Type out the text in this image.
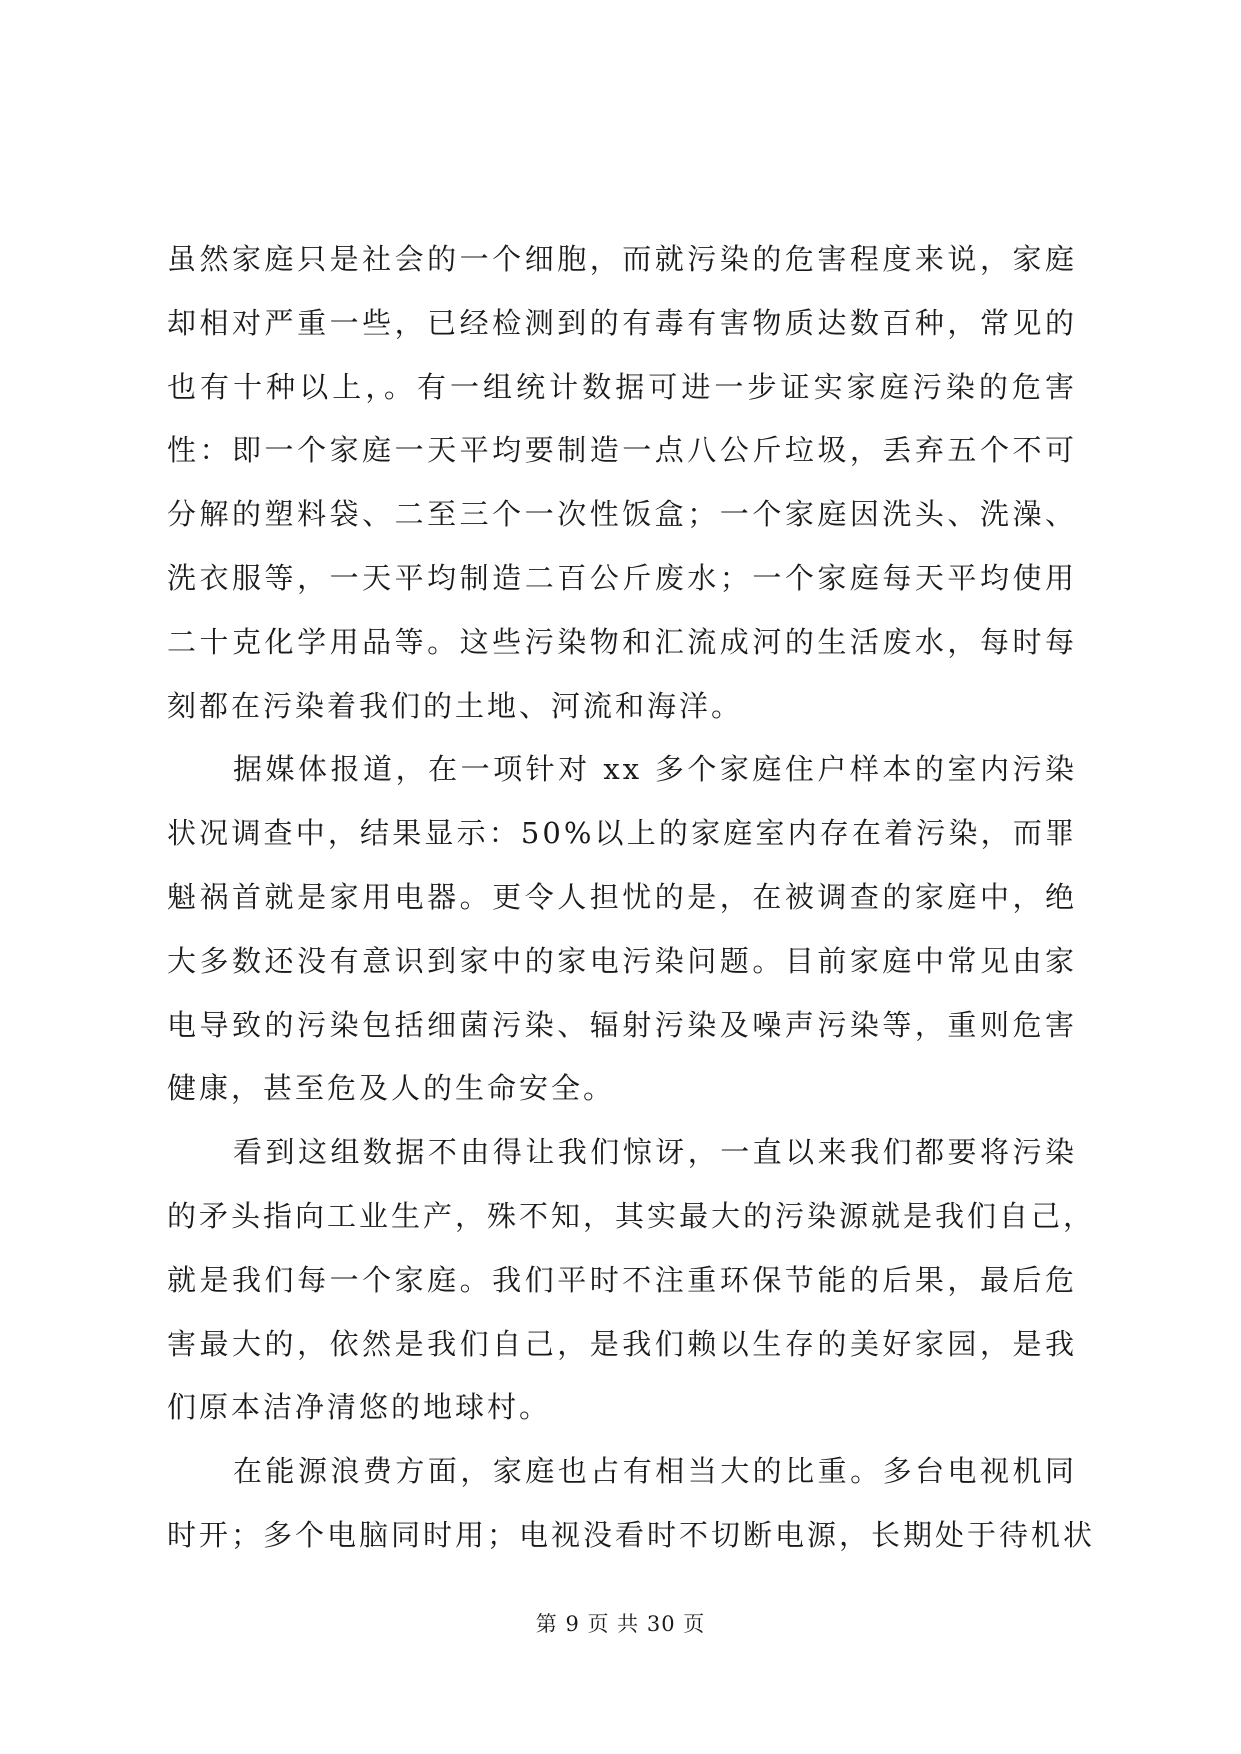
虽然家庭只是社会的一个细胞，而就污染的危害程度来说，家庭
却相对严重一些，已经检测到的有毒有害物质达数百种，常见的
也有十种以上，。有一组统计数据可进一步证实家庭污染的危害
性：即一个家庭一天平均要制造一点八公斤垃圾，丢弃五个不可
分解的塑料袋、二至三个一次性饭盒；一个家庭因洗头、洗澡、
洗衣服等，一天平均制造二百公斤废水；一个家庭每天平均使用
二十克化学用品等。这些污染物和汇流成河的生活废水，每时每
刻都在污染着我们的土地、河流和海洋。
据媒体报道，在一项针对 xx 多个家庭住户样本的室内污染
状况调查中，结果显示：50%以上的家庭室内存在着污染，而罪
魁祸首就是家用电器。更令人担忧的是，在被调查的家庭中，绝
大多数还没有意识到家中的家电污染问题。目前家庭中常见由家
电导致的污染包括细菌污染、辐射污染及噪声污染等，重则危害
健康，甚至危及人的生命安全。
看到这组数据不由得让我们惊讶，一直以来我们都要将污染
的矛头指向工业生产，殊不知，其实最大的污染源就是我们自己，
就是我们每一个家庭。我们平时不注重环保节能的后果，最后危
害最大的，依然是我们自己，是我们赖以生存的美好家园，是我
们原本洁净清悠的地球村。
在能源浪费方面，家庭也占有相当大的比重。多台电视机同
时开；多个电脑同时用；电视没看时不切断电源，长期处于待机状
第 9 页 共 30 页
